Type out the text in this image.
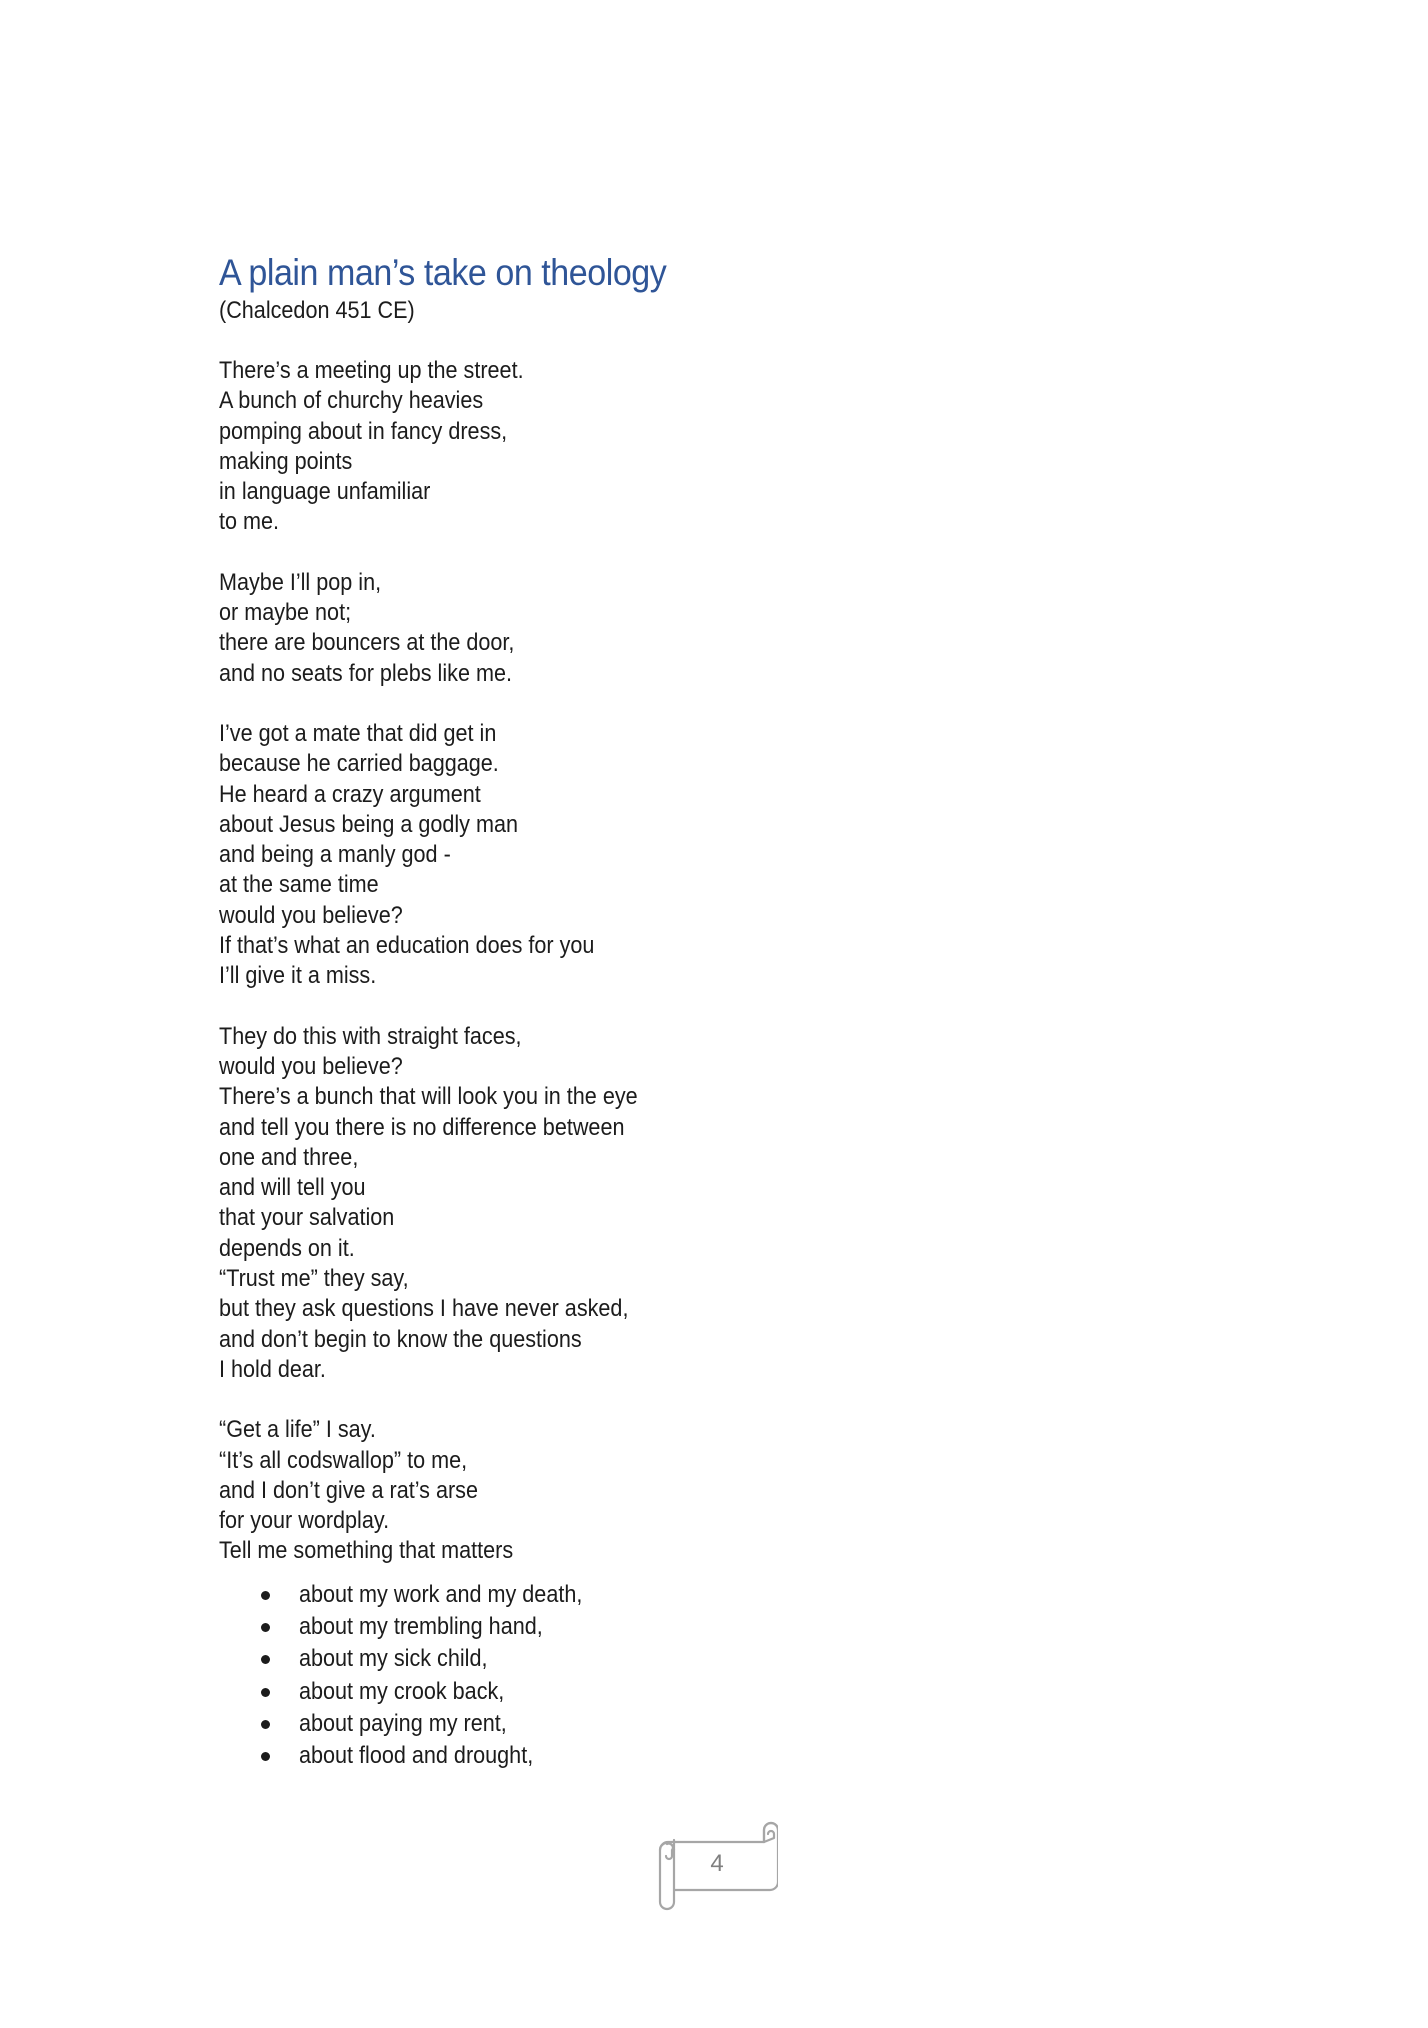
A plain man’s take on theology
(Chalcedon 451 CE)
There’s a meeting up the street.
A bunch of churchy heavies
pomping about in fancy dress,
making points
in language unfamiliar
to me.
Maybe I’ll pop in,
or maybe not;
there are bouncers at the door,
and no seats for plebs like me.
I’ve got a mate that did get in
because he carried baggage.
He heard a crazy argument
about Jesus being a godly man
and being a manly god -
at the same time
would you believe?
If that’s what an education does for you
I’ll give it a miss.
They do this with straight faces,
would you believe?
There’s a bunch that will look you in the eye
and tell you there is no difference between
one and three,
and will tell you
that your salvation
depends on it.
“Trust me” they say,
but they ask questions I have never asked,
and don’t begin to know the questions
I hold dear.
“Get a life” I say.
“It’s all codswallop” to me,
and I don’t give a rat’s arse
for your wordplay.
Tell me something that matters
about my work and my death,
about my trembling hand,
about my sick child,
about my crook back,
about paying my rent,
about flood and drought,
4
